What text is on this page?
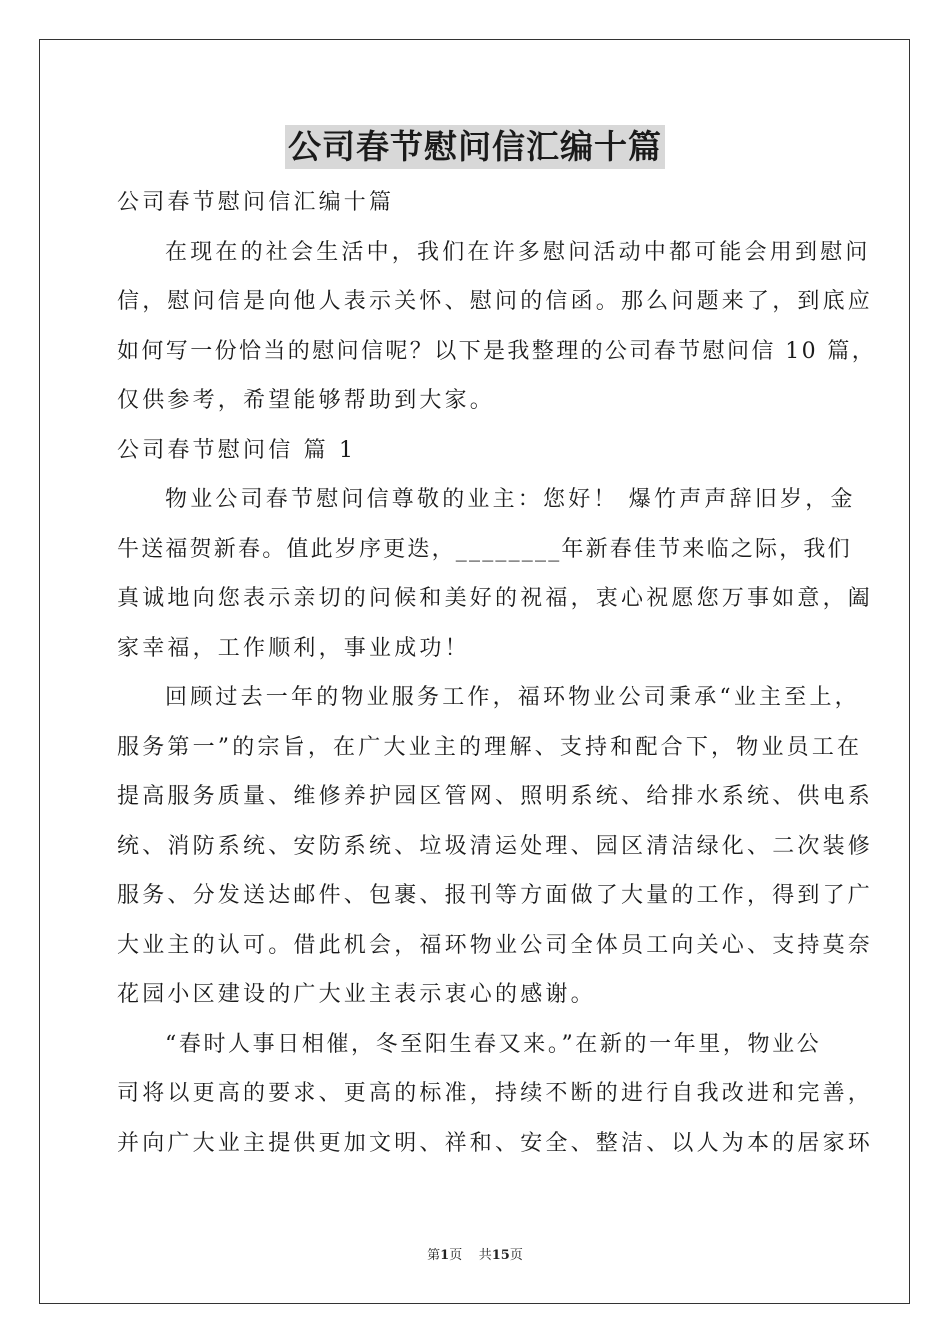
公司春节慰问信汇编十篇
公司春节慰问信汇编十篇
在现在的社会生活中，我们在许多慰问活动中都可能会用到慰问
信，慰问信是向他人表示关怀、慰问的信函。那么问题来了，到底应
如何写一份恰当的慰问信呢？以下是我整理的公司春节慰问信 10 篇，
仅供参考，希望能够帮助到大家。
公司春节慰问信 篇 1
物业公司春节慰问信尊敬的业主：您好！ 爆竹声声辞旧岁，金
牛送福贺新春。值此岁序更迭，________年新春佳节来临之际，我们
真诚地向您表示亲切的问候和美好的祝福，衷心祝愿您万事如意，阖
家幸福，工作顺利，事业成功！
回顾过去一年的物业服务工作，福环物业公司秉承“业主至上，
服务第一”的宗旨，在广大业主的理解、支持和配合下，物业员工在
提高服务质量、维修养护园区管网、照明系统、给排水系统、供电系
统、消防系统、安防系统、垃圾清运处理、园区清洁绿化、二次装修
服务、分发送达邮件、包裹、报刊等方面做了大量的工作，得到了广
大业主的认可。借此机会，福环物业公司全体员工向关心、支持莫奈
花园小区建设的广大业主表示衷心的感谢。
“春时人事日相催，冬至阳生春又来。”在新的一年里，物业公
司将以更高的要求、更高的标准，持续不断的进行自我改进和完善，
并向广大业主提供更加文明、祥和、安全、整洁、以人为本的居家环
第1页 共15页
